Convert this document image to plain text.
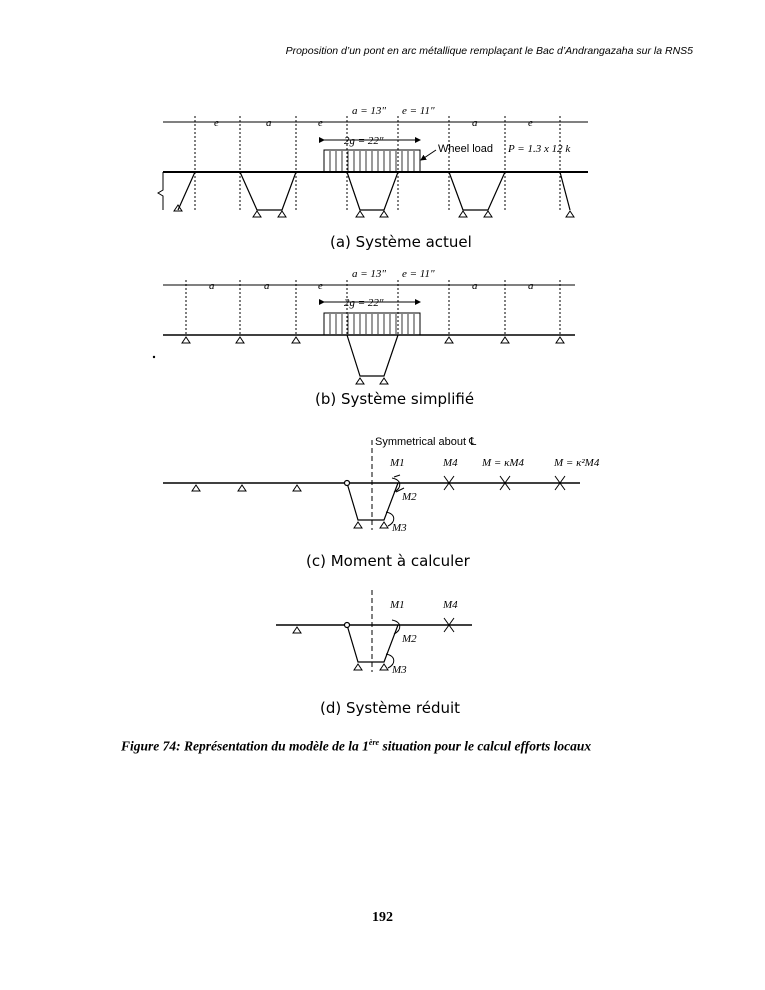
Proposition d’un pont en arc métallique remplaçant le Bac d’Andrangazaha sur la RNS5
e	a	e
a = 13" e = 11"
a	e
2g = 22"
Wheel load P = 1.3 x 12 k
a	a	e
a = 13" e = 11"
a	a
2g = 22"
Symmetrical about ℄
M1	M4 M = κM4	M = κ²M4
M2
M3
M1	M4
M2
M3
(a) Système actuel
(b) Système simplifié
(c) Moment à calculer
(d) Système réduit
Figure 74: Représentation du modèle de la 1ère situation pour le calcul efforts locaux
192
